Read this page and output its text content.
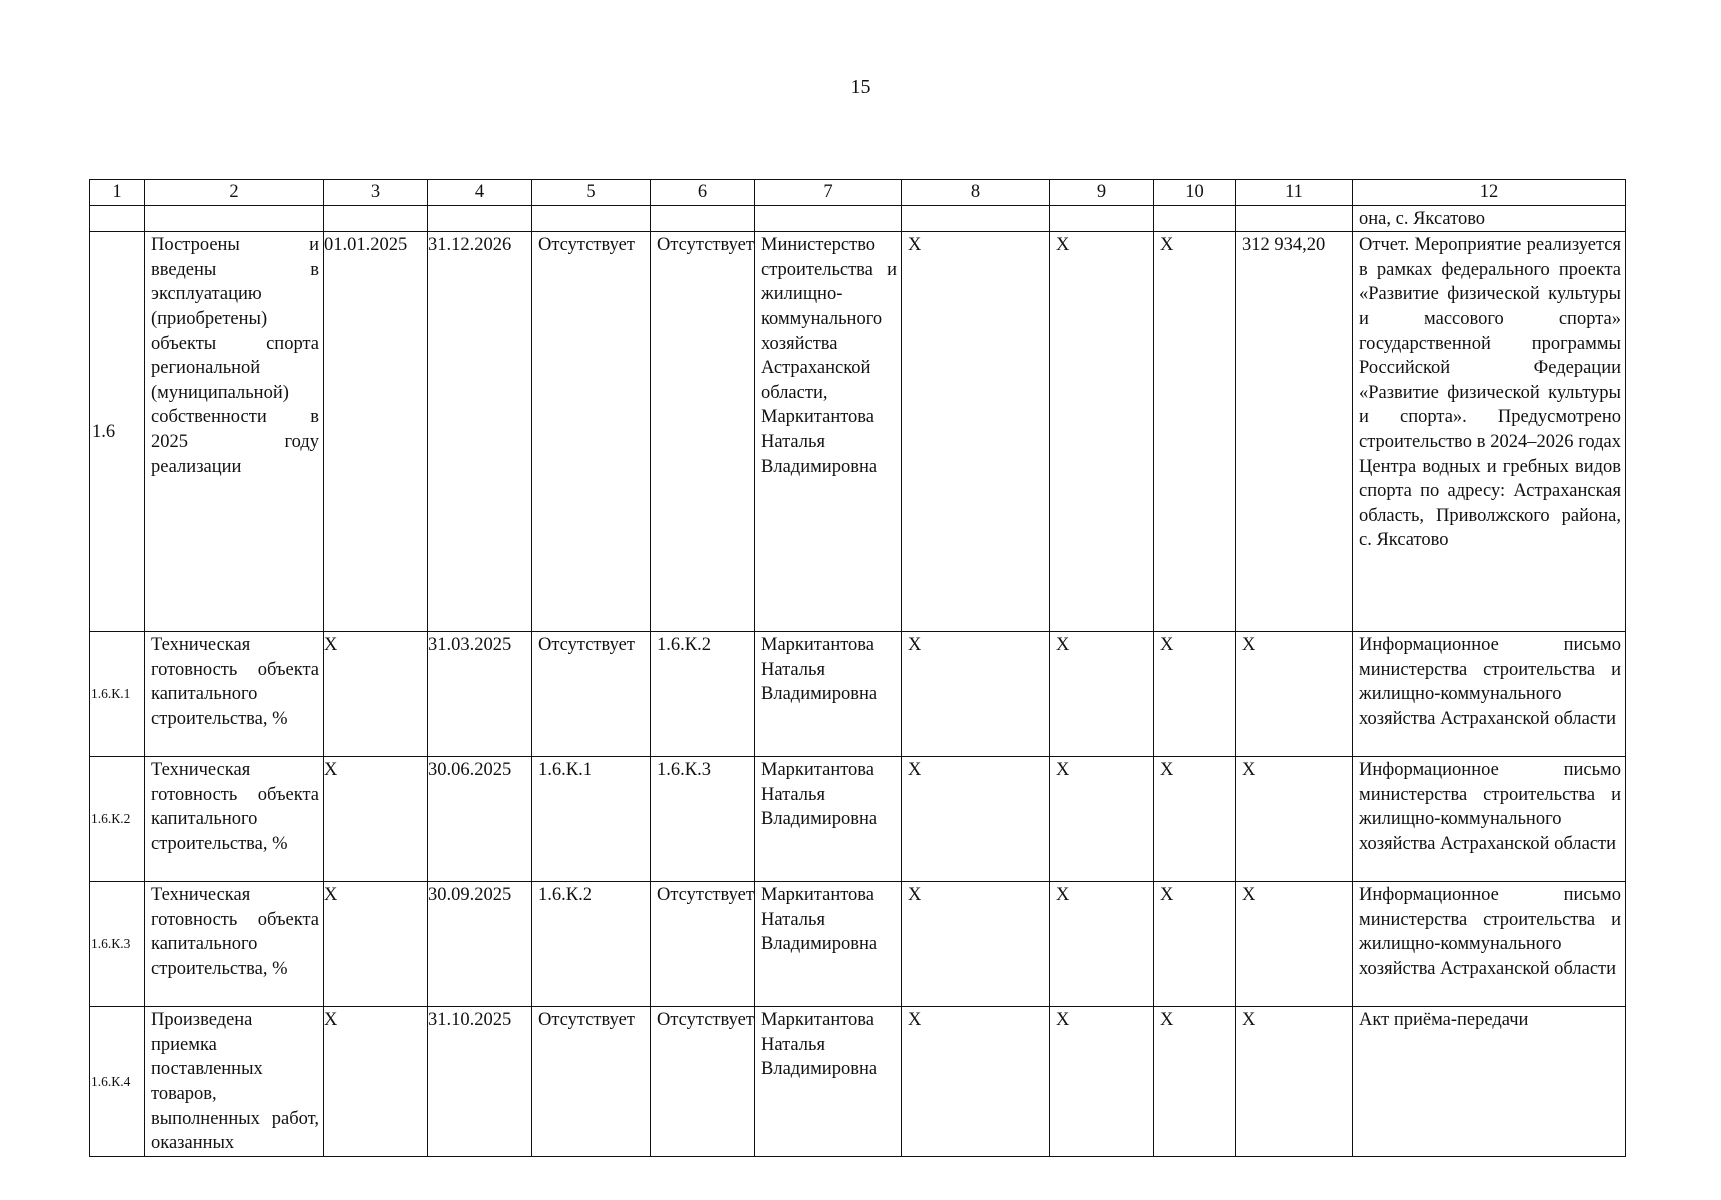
15
1	2	3	4	5	6	7	8	9	10	11	12
											она, с. Яксатово
1.6	Построены и введены в эксплуатацию (приобретены) объекты спорта региональной (муниципальной) собственности в 2025 году реализации	01.01.2025	31.12.2026	Отсутствует	Отсутствует	Министерство строительства и жилищно-коммунального хозяйства Астраханской области, Маркитантова Наталья Владимировна	X	X	X	312 934,20	Отчет. Мероприятие реализуется в рамках федерального проекта «Развитие физической культуры и массового спорта» государственной программы Российской Федерации «Развитие физической культуры и спорта». Предусмотрено строительство в 2024–2026 годах Центра водных и гребных видов спорта по адресу: Астраханская область, Приволжского района, с. Яксатово
1.6.К.1	Техническая готовность объекта капитального строительства, %	X	31.03.2025	Отсутствует	1.6.К.2	Маркитантова Наталья Владимировна	X	X	X	X	Информационное письмо министерства строительства и жилищно-коммунального хозяйства Астраханской области
1.6.К.2	Техническая готовность объекта капитального строительства, %	X	30.06.2025	1.6.К.1	1.6.К.3	Маркитантова Наталья Владимировна	X	X	X	X	Информационное письмо министерства строительства и жилищно-коммунального хозяйства Астраханской области
1.6.К.3	Техническая готовность объекта капитального строительства, %	X	30.09.2025	1.6.К.2	Отсутствует	Маркитантова Наталья Владимировна	X	X	X	X	Информационное письмо министерства строительства и жилищно-коммунального хозяйства Астраханской области
1.6.К.4	Произведена приемка поставленных товаров, выполненных работ, оказанных	X	31.10.2025	Отсутствует	Отсутствует	Маркитантова Наталья Владимировна	X	X	X	X	Акт приёма-передачи
